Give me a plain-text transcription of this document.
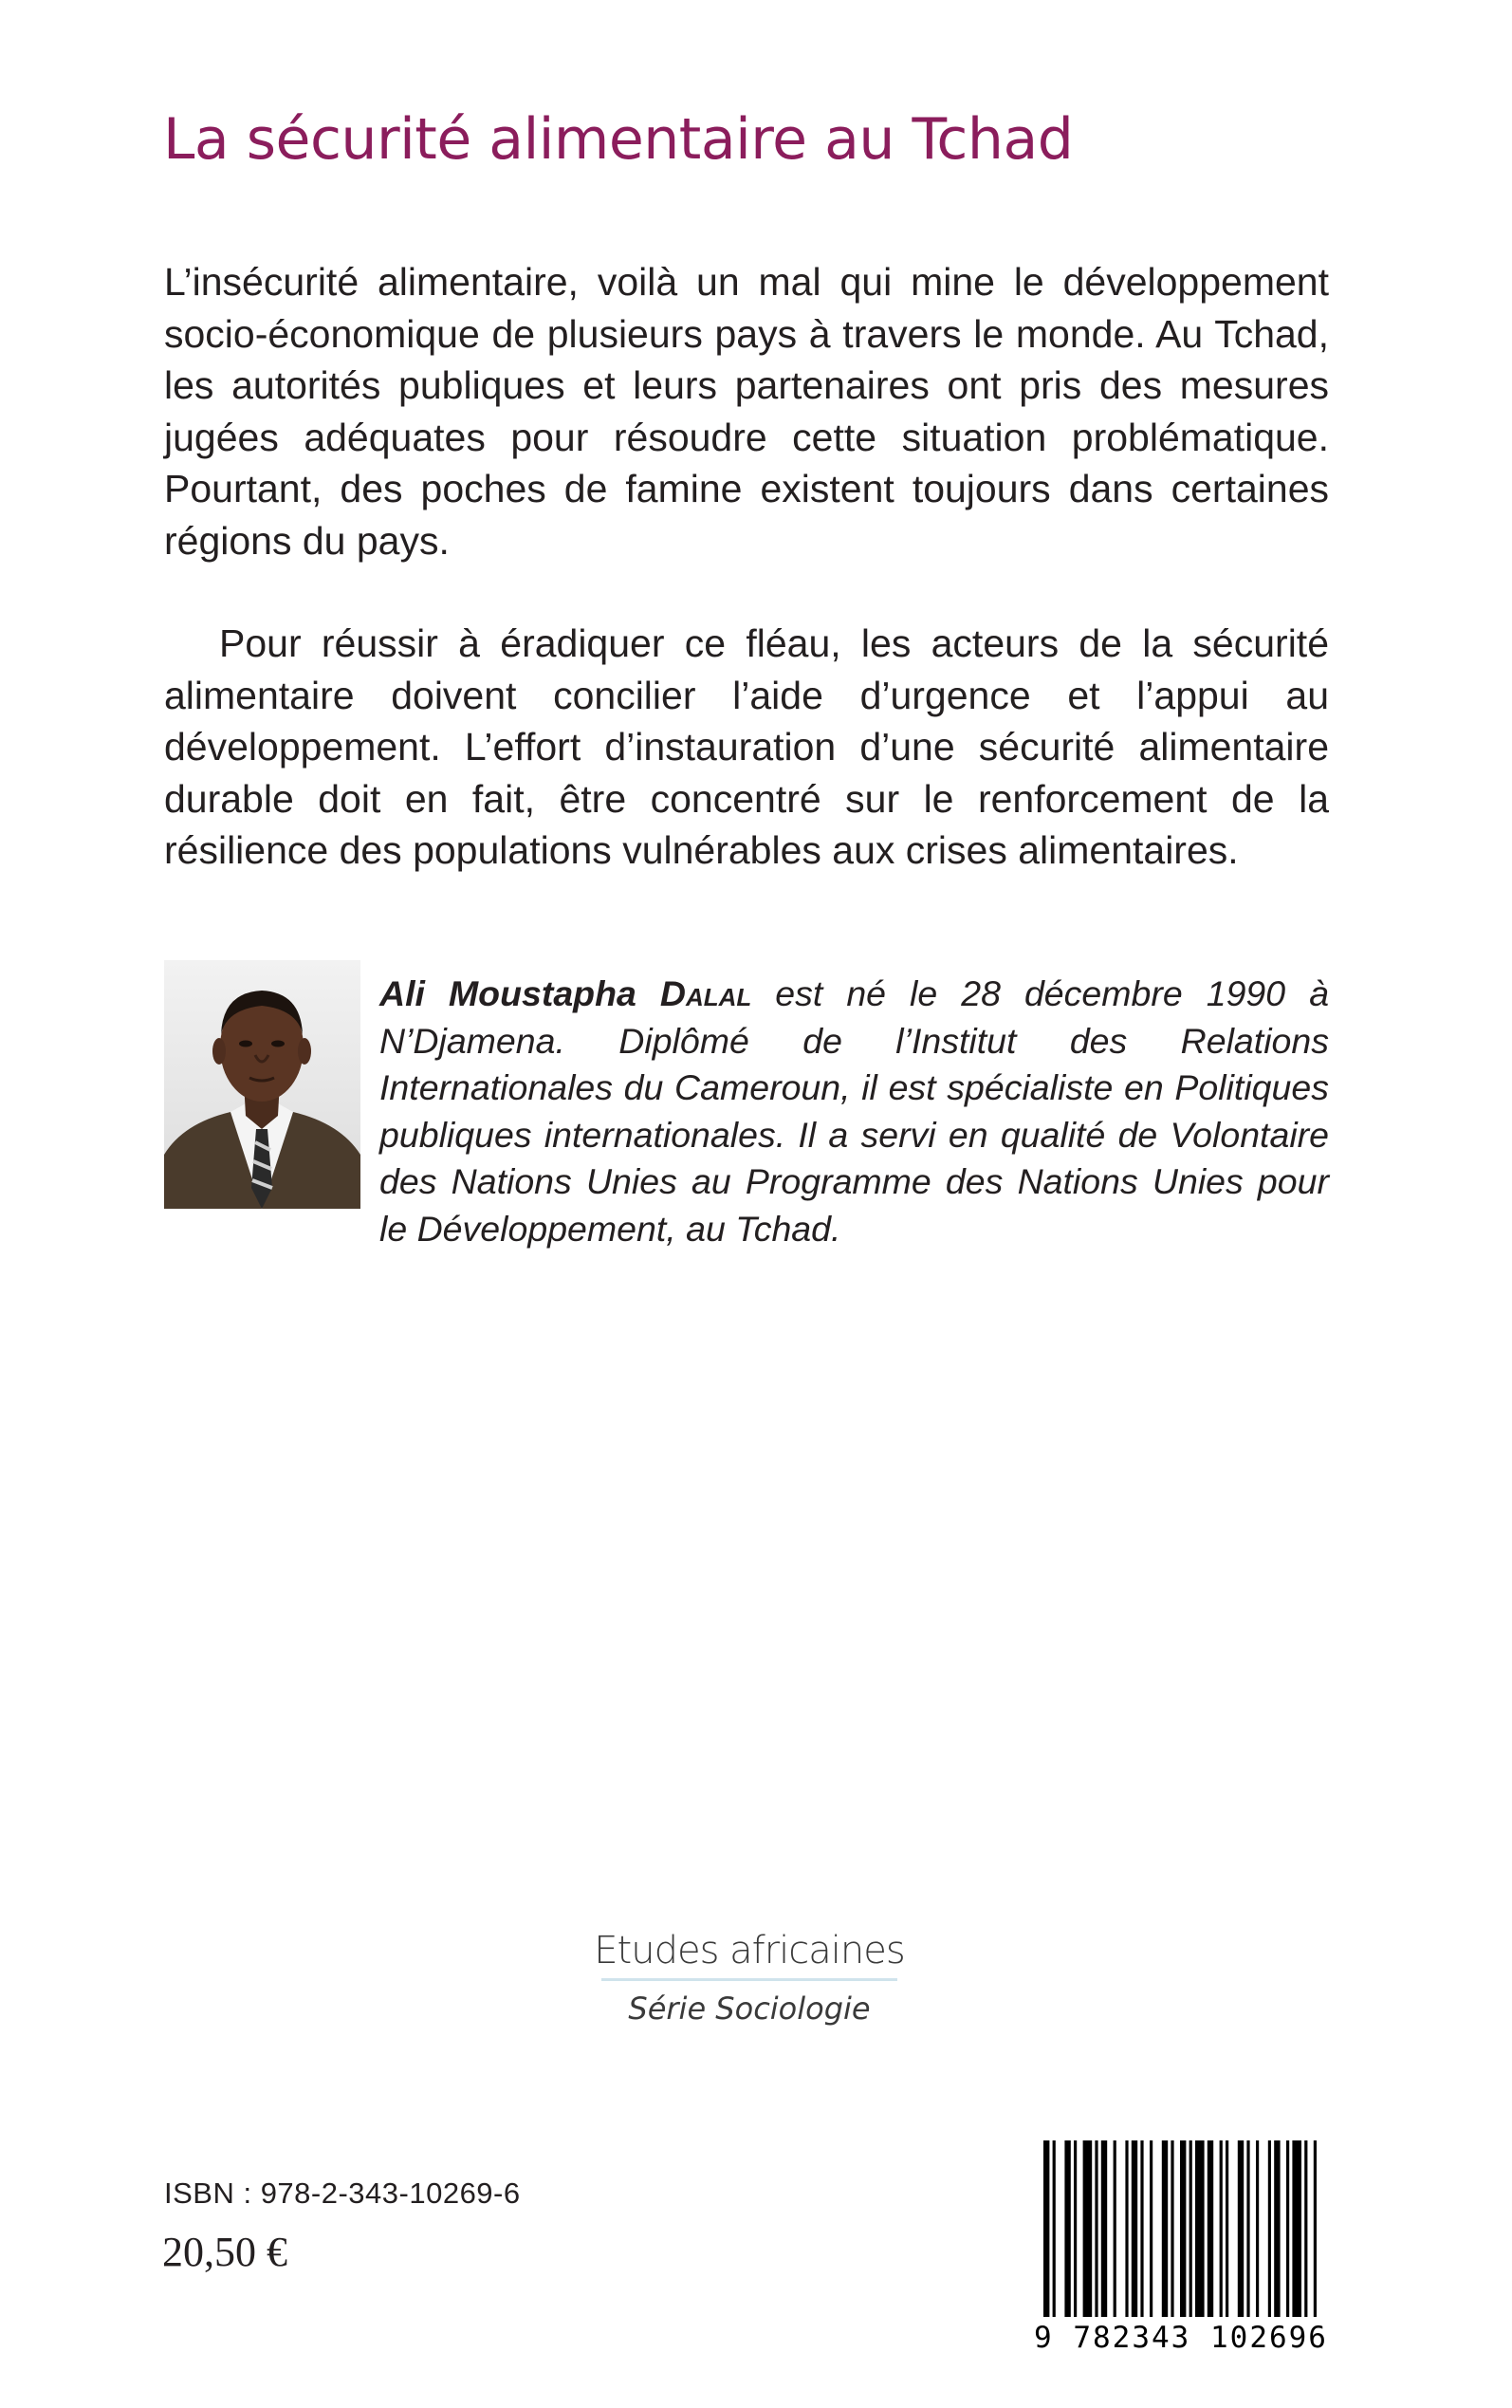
La sécurité alimentaire au Tchad

L’insécurité alimentaire, voilà un mal qui mine le développement socio-économique de plusieurs pays à travers le monde. Au Tchad, les autorités publiques et leurs partenaires ont pris des mesures jugées adéquates pour résoudre cette situation problématique. Pourtant, des poches de famine existent toujours dans certaines régions du pays.

Pour réussir à éradiquer ce fléau, les acteurs de la sécurité alimentaire doivent concilier l’aide d’urgence et l’appui au développement. L’effort d’instauration d’une sécurité alimentaire durable doit en fait, être concentré sur le renforcement de la résilience des populations vulnérables aux crises alimentaires.

Ali Moustapha Dalal est né le 28 décembre 1990 à N’Djamena. Diplômé de l’Institut des Relations Internationales du Cameroun, il est spécialiste en Politiques publiques internationales. Il a servi en qualité de Volontaire des Nations Unies au Programme des Nations Unies pour le Développement, au Tchad.

Etudes africaines
Série Sociologie
ISBN : 978-2-343-10269-6
20,50 €
9 782343 102696
